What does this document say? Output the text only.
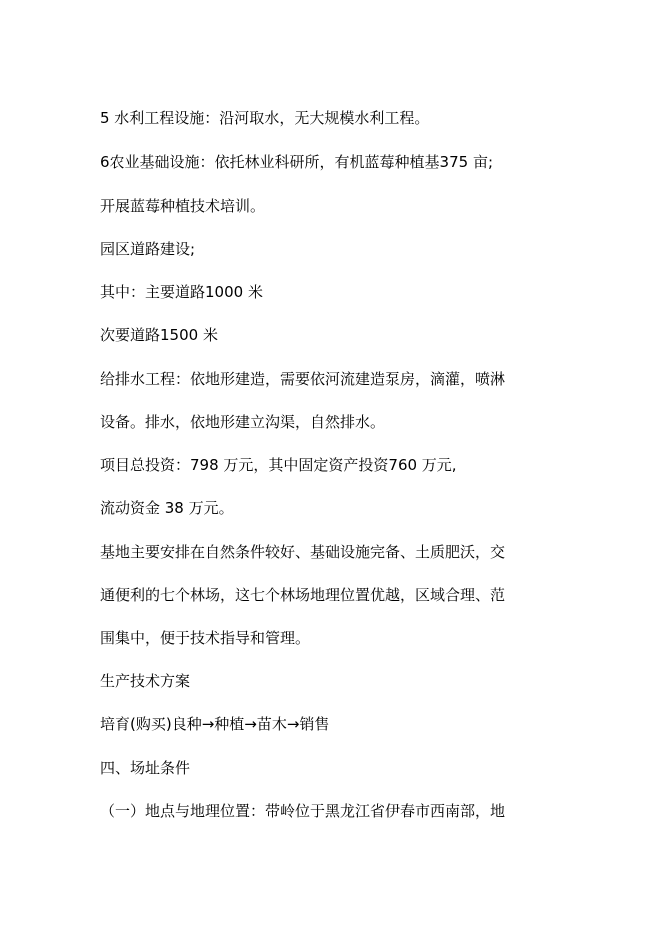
5 水利工程设施：沿河取水，无大规模水利工程。

6农业基础设施：依托林业科研所，有机蓝莓种植基375 亩;

开展蓝莓种植技术培训。

园区道路建设;

其中：主要道路1000 米

次要道路1500 米

给排水工程：依地形建造，需要依河流建造泵房，滴灌，喷淋

设备。排水，依地形建立沟渠，自然排水。

项目总投资：798 万元，其中固定资产投资760 万元,

流动资金 38 万元。

基地主要安排在自然条件较好、基础设施完备、土质肥沃，交

通便利的七个林场，这七个林场地理位置优越，区域合理、范

围集中，便于技术指导和管理。

生产技术方案

培育(购买)良种→种植→苗木→销售

四、场址条件

（一）地点与地理位置：带岭位于黑龙江省伊春市西南部，地
